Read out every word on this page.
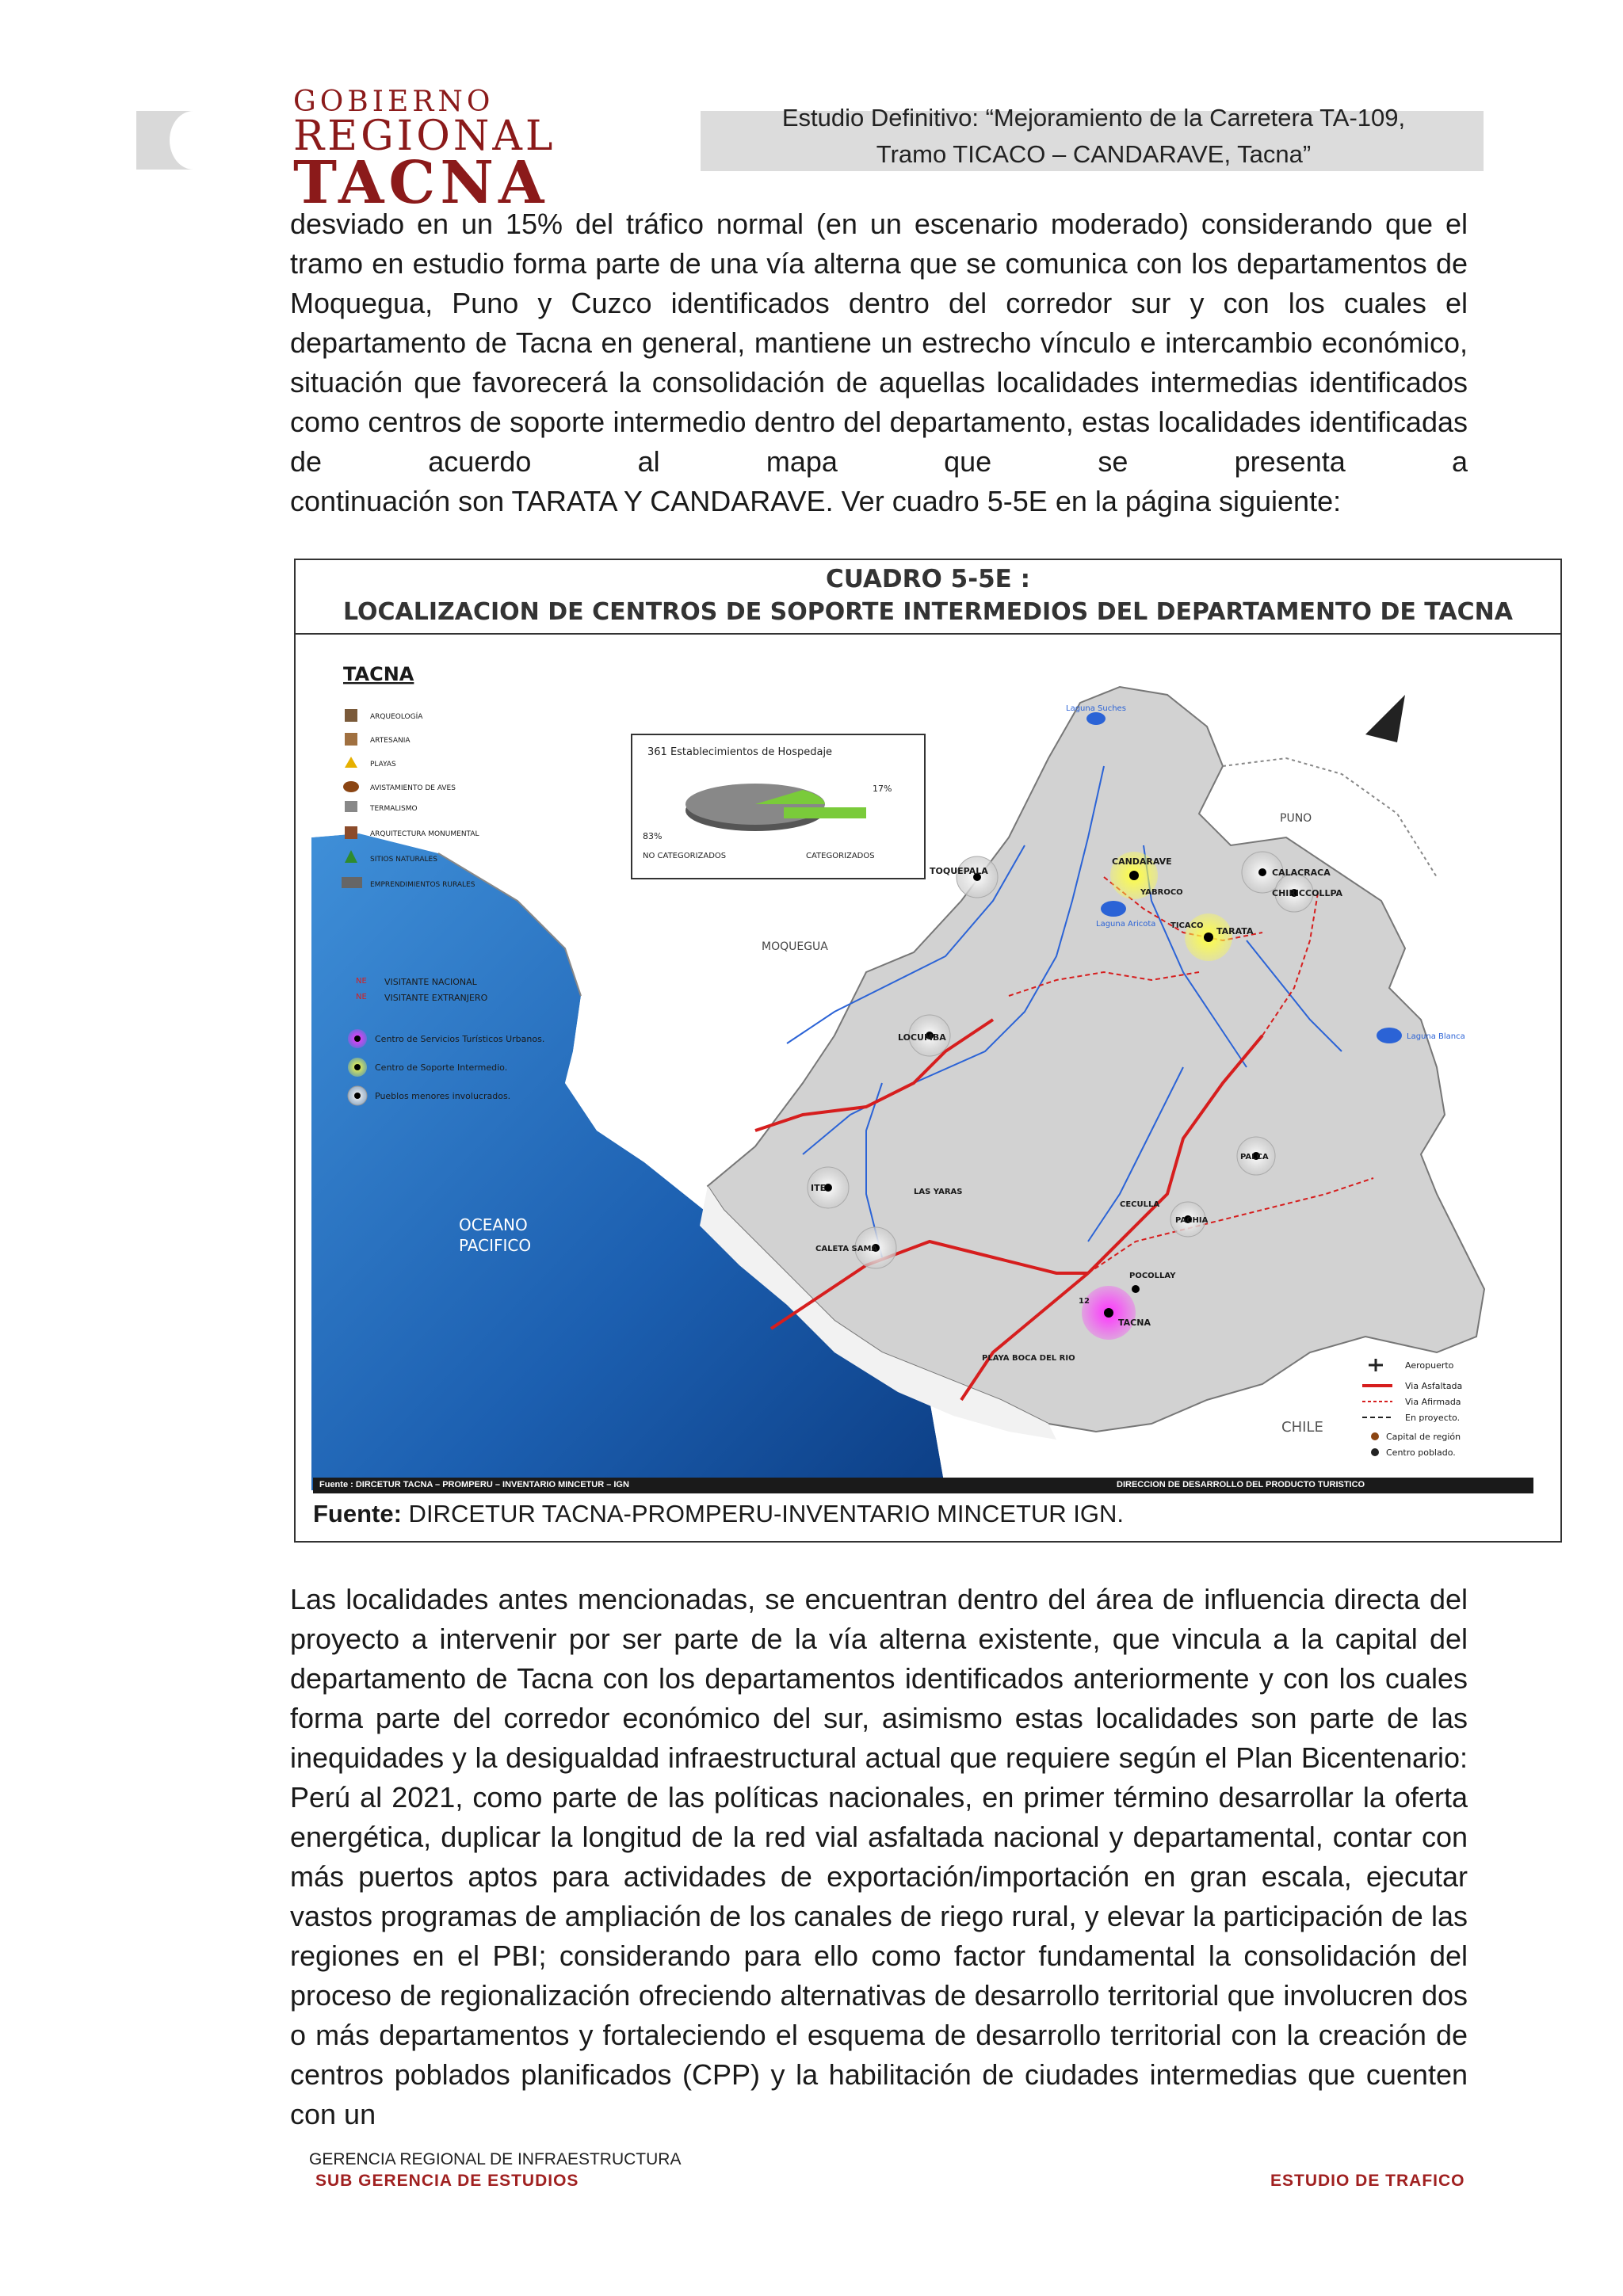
GOBIERNO
REGIONAL
TACNA
Estudio Definitivo: “Mejoramiento de la Carretera TA-109,
Tramo TICACO – CANDARAVE, Tacna”

desviado en un 15% del tráfico normal (en un escenario moderado) considerando que el tramo en estudio forma parte de una vía alterna que se comunica con los departamentos de Moquegua, Puno y Cuzco identificados dentro del corredor sur y con los cuales el departamento de Tacna en general, mantiene un estrecho vínculo e intercambio económico, situación que favorecerá la consolidación de aquellas localidades intermedias identificados como centros de soporte intermedio dentro del departamento, estas localidades identificadas de acuerdo al mapa que se presenta a

continuación son TARATA Y CANDARAVE. Ver cuadro 5-5E en la página siguiente:
CUADRO 5-5E :
LOCALIZACION DE CENTROS DE SOPORTE INTERMEDIOS DEL DEPARTAMENTO DE TACNA
TACNA
ARQUEOLOGÍA
ARTESANIA
PLAYAS
AVISTAMIENTO DE AVES
TERMALISMO
ARQUITECTURA MONUMENTAL
SITIOS NATURALES
EMPRENDIMIENTOS RURALES
NE
NE
VISITANTE NACIONAL
VISITANTE EXTRANJERO
Centro de Servicios Turísticos Urbanos.
Centro de Soporte Intermedio.
Pueblos menores involucrados.
361 Establecimientos de Hospedaje
17%
83%
NO CATEGORIZADOS	CATEGORIZADOS
MOQUEGUA
PUNO
CHILE
OCEANO
PACIFICO
CANDARAVE
TARATA
TOQUEPALA	CALACRACA
CHIRICCOLLPA
YABROCO
TICACO
LOCUMBA
ITE	LAS YARAS
CALETA SAMA
PALCA
PACHIA
POCOLLAY
TACNA
CECULLA
PLAYA BOCA DEL RIO
12
Laguna Suches
Laguna Aricota
Laguna Blanca
Aeropuerto
Via Asfaltada
Via Afirmada
En proyecto.
Capital de región
Centro poblado.
Fuente : DIRCETUR TACNA – PROMPERU – INVENTARIO MINCETUR – IGN	DIRECCION DE DESARROLLO DEL PRODUCTO TURISTICO
Fuente: DIRCETUR TACNA-PROMPERU-INVENTARIO MINCETUR IGN.

Las localidades antes mencionadas, se encuentran dentro del área de influencia directa del proyecto a intervenir por ser parte de la vía alterna existente, que vincula a la capital del departamento de Tacna con los departamentos identificados anteriormente y con los cuales forma parte del corredor económico del sur, asimismo estas localidades son parte de las inequidades y la desigualdad infraestructural actual que requiere según el Plan Bicentenario: Perú al 2021, como parte de las políticas nacionales, en primer término desarrollar la oferta energética, duplicar la longitud de la red vial asfaltada nacional y departamental, contar con más puertos aptos para actividades de exportación/importación en gran escala, ejecutar vastos programas de ampliación de los canales de riego rural, y elevar la participación de las regiones en el PBI; considerando para ello como factor fundamental la consolidación del proceso de regionalización ofreciendo alternativas de desarrollo territorial que involucren dos o más departamentos y fortaleciendo el esquema de desarrollo territorial con la creación de centros poblados planificados (CPP) y la habilitación de ciudades intermedias que cuenten con un

GERENCIA REGIONAL DE INFRAESTRUCTURA
SUB GERENCIA DE ESTUDIOS	ESTUDIO DE TRAFICO
